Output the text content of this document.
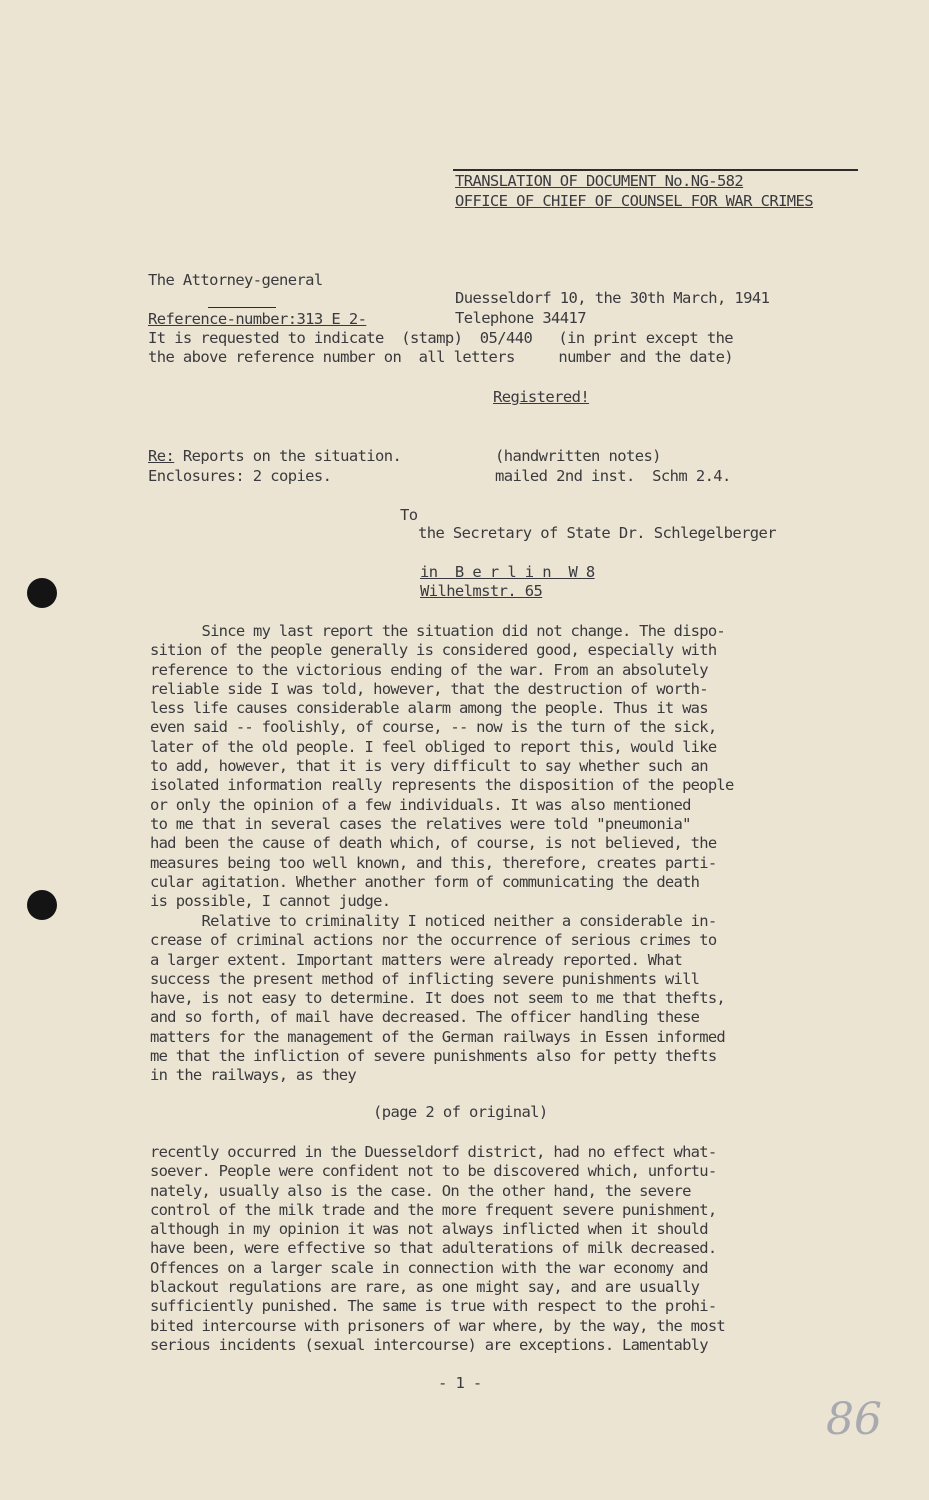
TRANSLATION OF DOCUMENT No.NG-582
OFFICE OF CHIEF OF COUNSEL FOR WAR CRIMES
The Attorney-general
Duesseldorf 10, the 30th March, 1941
Reference-number:313 E 2-	Telephone 34417
It is requested to indicate  (stamp)  05/440   (in print except the
the above reference number on  all letters     number and the date)
Registered!
Re: Reports on the situation.
Enclosures: 2 copies.
(handwritten notes)
mailed 2nd inst.  Schm 2.4.
To
the Secretary of State Dr. Schlegelberger
in  B e r l i n  W 8
Wilhelmstr. 65
Since my last report the situation did not change. The dispo-
sition of the people generally is considered good, especially with
reference to the victorious ending of the war. From an absolutely
reliable side I was told, however, that the destruction of worth-
less life causes considerable alarm among the people. Thus it was
even said -- foolishly, of course, -- now is the turn of the sick,
later of the old people. I feel obliged to report this, would like
to add, however, that it is very difficult to say whether such an
isolated information really represents the disposition of the people
or only the opinion of a few individuals. It was also mentioned
to me that in several cases the relatives were told "pneumonia"
had been the cause of death which, of course, is not believed, the
measures being too well known, and this, therefore, creates parti-
cular agitation. Whether another form of communicating the death
is possible, I cannot judge.
Relative to criminality I noticed neither a considerable in-
crease of criminal actions nor the occurrence of serious crimes to
a larger extent. Important matters were already reported. What
success the present method of inflicting severe punishments will
have, is not easy to determine. It does not seem to me that thefts,
and so forth, of mail have decreased. The officer handling these
matters for the management of the German railways in Essen informed
me that the infliction of severe punishments also for petty thefts
in the railways, as they
(page 2 of original)
recently occurred in the Duesseldorf district, had no effect what-
soever. People were confident not to be discovered which, unfortu-
nately, usually also is the case. On the other hand, the severe
control of the milk trade and the more frequent severe punishment,
although in my opinion it was not always inflicted when it should
have been, were effective so that adulterations of milk decreased.
Offences on a larger scale in connection with the war economy and
blackout regulations are rare, as one might say, and are usually
sufficiently punished. The same is true with respect to the prohi-
bited intercourse with prisoners of war where, by the way, the most
serious incidents (sexual intercourse) are exceptions. Lamentably
- 1 -
86
